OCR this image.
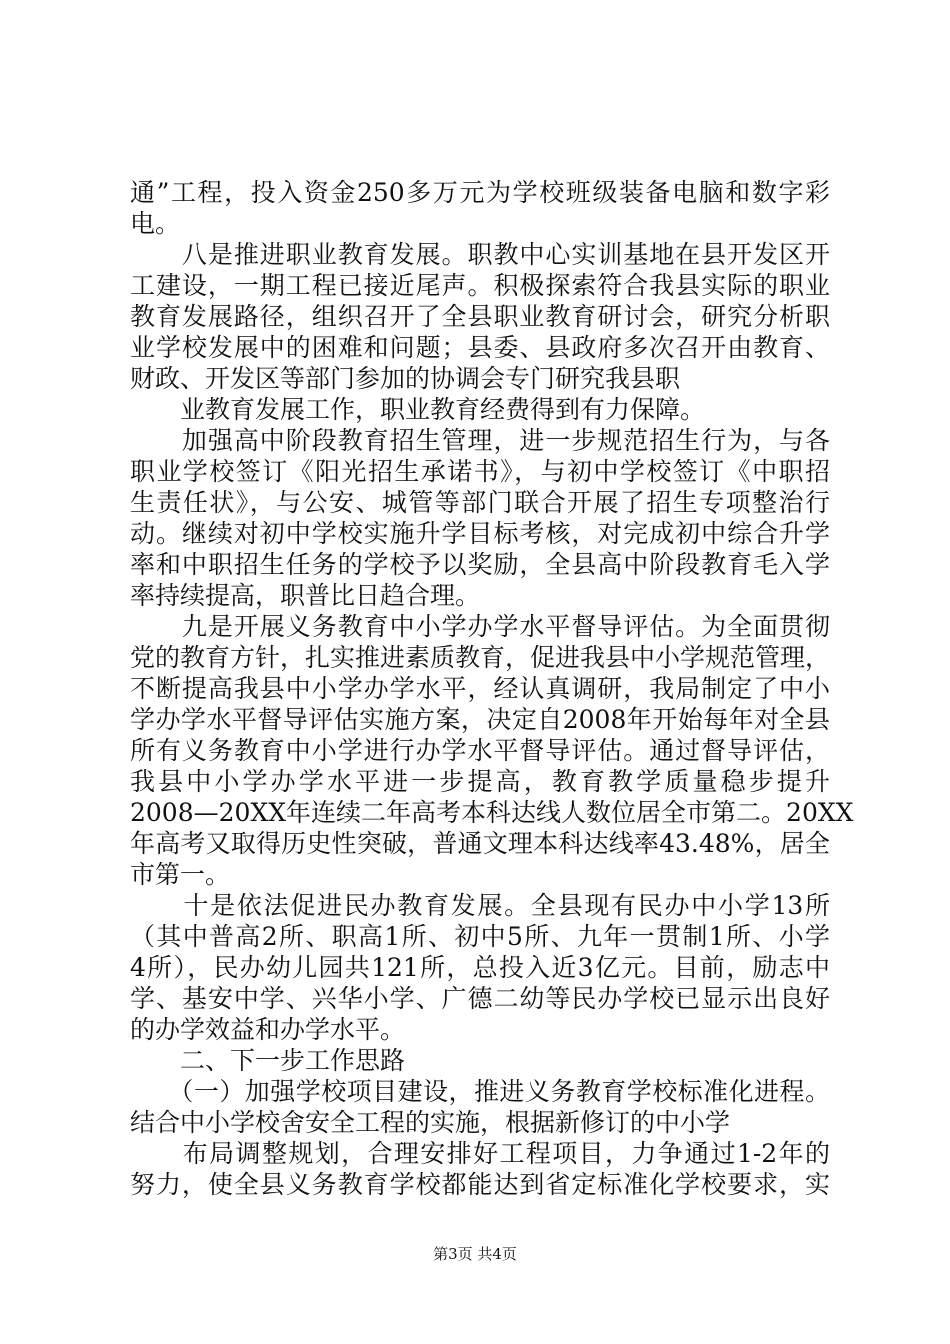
通”工程，投入资金250多万元为学校班级装备电脑和数字彩
电。
　　八是推进职业教育发展。职教中心实训基地在县开发区开
工建设，一期工程已接近尾声。积极探索符合我县实际的职业
教育发展路径，组织召开了全县职业教育研讨会，研究分析职
业学校发展中的困难和问题；县委、县政府多次召开由教育、
财政、开发区等部门参加的协调会专门研究我县职
　　业教育发展工作，职业教育经费得到有力保障。
　　加强高中阶段教育招生管理，进一步规范招生行为，与各
职业学校签订《阳光招生承诺书》，与初中学校签订《中职招
生责任状》，与公安、城管等部门联合开展了招生专项整治行
动。继续对初中学校实施升学目标考核，对完成初中综合升学
率和中职招生任务的学校予以奖励，全县高中阶段教育毛入学
率持续提高，职普比日趋合理。
　　九是开展义务教育中小学办学水平督导评估。为全面贯彻
党的教育方针，扎实推进素质教育，促进我县中小学规范管理，
不断提高我县中小学办学水平，经认真调研，我局制定了中小
学办学水平督导评估实施方案，决定自2008年开始每年对全县
所有义务教育中小学进行办学水平督导评估。通过督导评估，
我县中小学办学水平进一步提高，教育教学质量稳步提升
2008—20XX年连续二年高考本科达线人数位居全市第二。20XX
年高考又取得历史性突破，普通文理本科达线率43.48%，居全
市第一。
　　十是依法促进民办教育发展。全县现有民办中小学13所
（其中普高2所、职高1所、初中5所、九年一贯制1所、小学
4所），民办幼儿园共121所，总投入近3亿元。目前，励志中
学、基安中学、兴华小学、广德二幼等民办学校已显示出良好
的办学效益和办学水平。
　　二、下一步工作思路
　　（一）加强学校项目建设，推进义务教育学校标准化进程。
结合中小学校舍安全工程的实施，根据新修订的中小学
　　布局调整规划，合理安排好工程项目，力争通过1-2年的
努力，使全县义务教育学校都能达到省定标准化学校要求，实
第3页 共4页
